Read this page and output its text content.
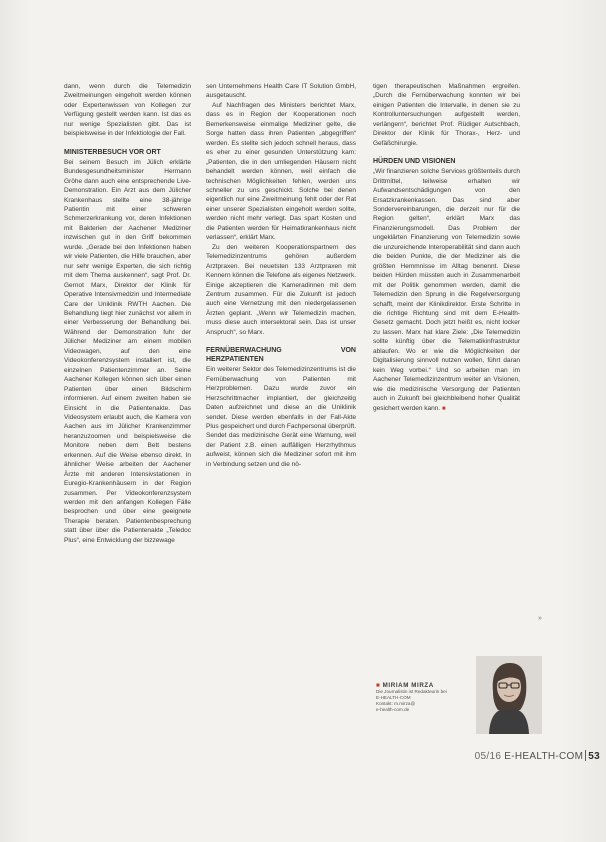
dann, wenn durch die Telemedizin Zweitmeinungen eingeholt werden können oder Expertenwissen von Kollegen zur Verfügung gestellt werden kann. Ist das es nur wenige Spezialisten gibt. Das ist beispielsweise in der Infektiologie der Fall.

MINISTERBESUCH VOR ORT

Bei seinem Besuch im Jülich erklärte Bundesgesundheitsminister Hermann Gröhe dann auch eine entsprechende Live-Demonstration. Ein Arzt aus dem Jülicher Krankenhaus stellte eine 38-jährige Patientin mit einer schweren Schmerzerkrankung vor, deren Infektionen mit Bakterien der Aachener Mediziner inzwischen gut in den Griff bekommen wurde. „Gerade bei den Infektionen haben wir viele Patienten, die Hilfe brauchen, aber nur sehr wenige Experten, die sich richtig mit dem Thema auskennen“, sagt Prof. Dr. Gernot Marx, Direktor der Klinik für Operative Intensivmedizin und Intermediate Care der Uniklinik RWTH Aachen. Die Behandlung liegt hier zunächst vor allem in einer Verbesserung der Behandlung bei. Während der Demonstration fuhr der Jülicher Mediziner am einem mobilen Videowagen, auf den eine Videokonferenzsystem installiert ist, die einzelnen Patientenzimmer an. Seine Aachener Kollegen können sich über einen Patienten über einen Bildschirm informieren. Auf einem zweiten haben sie Einsicht in die Patientenakte. Das Videosystem erlaubt auch, die Kamera von Aachen aus im Jülicher Krankenzimmer heranzuzoomen und beispielsweise die Monitore neben dem Bett bestens erkennen. Auf die Weise ebenso direkt. In ähnlicher Weise arbeiten der Aachener Ärzte mit anderen Intensivstationen in Euregio-Krankenhäusern in der Region zusammen. Per Videokonferenzsystem werden mit den anfangen Kollegen Fälle besprochen und über eine geeignete Therapie beraten. Patientenbesprechung statt über über die Patientenakte „Teledoc Plus“, eine Entwicklung der bizzewage

sen Unternehmens Health Care IT Solution GmbH, ausgetauscht.

Auf Nachfragen des Ministers berichtet Marx, dass es in Region der Kooperationen noch Bemerkensweise einmalige Mediziner gelte, die Sorge hatten dass ihren Patienten „abgegriffen“ werden. Es stellte sich jedoch schnell heraus, dass es eher zu einer gesunden Unterstützung kam: „Patienten, die in den umliegenden Häusern nicht behandelt werden können, weil einfach die technischen Möglichkeiten fehlen, werden uns schneller zu uns geschickt. Solche bei denen eigentlich nur eine Zweitmeinung fehlt oder der Rat einer unserer Spezialisten eingeholt werden sollte, werden nicht mehr verlegt. Das spart Kosten und die Patienten werden für Heimatkrankenhaus nicht verlassen“, erklärt Marx.

Zu den weiteren Kooperationspartnern des Telemedizinzentrums gehören außerdem Arztpraxen. Bei neuetsten 133 Arztpraxen mit Kennern können die Telefone als eigenes Netzwerk. Einige akzeptieren die Kameradinnen mit dem Zentrum zusammen. Für die Zukunft ist jedoch auch eine Vernetzung mit den niedergelassenen Ärzten geplant. „Wenn wir Telemedizin machen, muss diese auch intersektoral sein. Das ist unser Anspruch“, so Marx.

FERNÜBERWACHUNG VON HERZPATIENTEN

Ein weiterer Sektor des Telemedizinzentrums ist die Fernüberwachung von Patienten mit Herzproblemen. Dazu wurde zuvor ein Herzschrittmacher implantiert, der gleichzeitig Daten aufzeichnet und diese an die Uniklinik sendet. Diese werden ebenfalls in der Fall-Akte Plus gespeichert und durch Fachpersonal überprüft. Sendet das medizinische Gerät eine Warnung, weil der Patient z.B. einen auffälligen Herzrhythmus aufweist, können sich die Mediziner sofort mit ihm in Verbindung setzen und die nö-

tigen therapeutischen Maßnahmen ergreifen. „Durch die Fernüberwachung konnten wir bei einigen Patienten die Intervalle, in denen sie zu Kontrolluntersuchungen aufgestellt werden, verlängern“, berichtet Prof. Rüdiger Autschbach, Direktor der Klinik für Thorax-, Herz- und Gefäßchirurgie.

HÜRDEN UND VISIONEN

„Wir finanzieren solche Services größtenteils durch Drittmittel, teilweise erhalten wir Aufwandsentschädigungen von den Ersatzkrankenkassen. Das sind aber Sondervereinbarungen, die derzeit nur für die Region gelten“, erklärt Marx das Finanzierungsmodell. Das Problem der ungeklärten Finanzierung von Telemedizin sowie die unzureichende Interoperabilität sind dann auch die beiden Punkte, die der Mediziner als die größten Hemmnisse im Alltag benennt. Diese beiden Hürden müssten auch in Zusammenarbeit mit der Politik genommen werden, damit die Telemedizin den Sprung in die Regelversorgung schafft, meint der Klinikdirektor. Erste Schritte in die richtige Richtung sind mit dem E-Health-Gesetz gemacht. Doch jetzt heißt es, nicht locker zu lassen. Marx hat klare Ziele: „Die Telemedizin sollte künftig über die Telematikinfrastruktur ablaufen. Wo er wie die Möglichkeiten der Digitalisierung sinnvoll nutzen wollen, führt daran kein Weg vorbei.“ Und so arbeiten man im Aachener Telemedizinzentrum weiter an Visionen, wie die medizinische Versorgung der Patienten auch in Zukunft bei gleichbleibend hoher Qualität gesichert werden kann. ■

»
■ MIRIAM MIRZA
Die Journalistin ist Redakteurin bei
E-HEALTH-COM
Kontakt: m.mirza@
e-health-com.de
05/16 E-HEALTH-COM 53
